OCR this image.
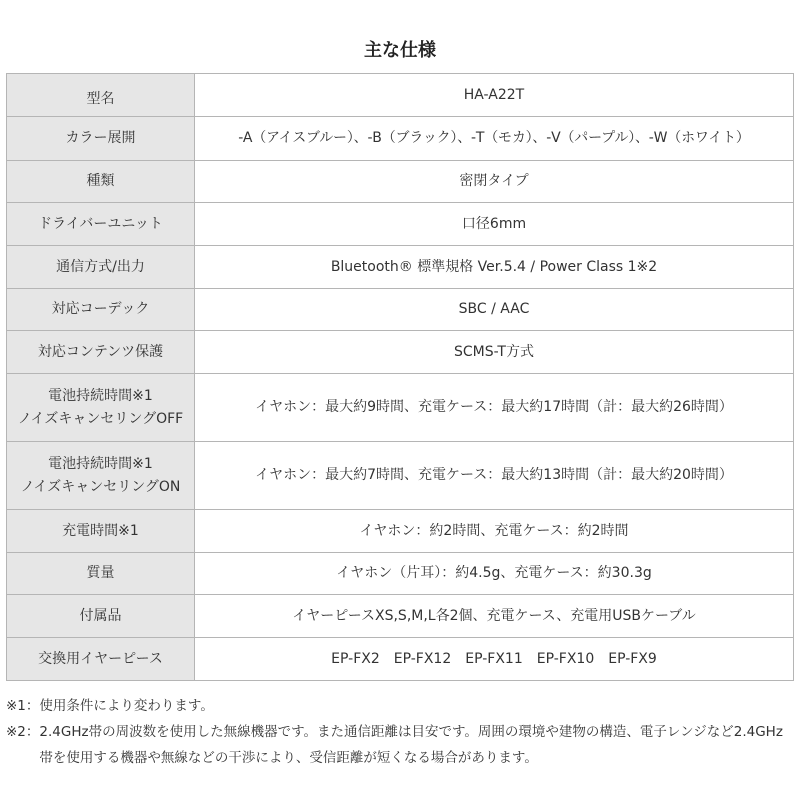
主な仕様
型名	HA-A22T
カラー展開	-A（アイスブルー）、-B（ブラック）、-T（モカ）、-V（パープル）、-W（ホワイト）
種類	密閉タイプ
ドライバーユニット	口径6mm
通信方式/出力	Bluetooth® 標準規格 Ver.5.4 / Power Class 1※2
対応コーデック	SBC / AAC
対応コンテンツ保護	SCMS-T方式

電池持続時間※1
ノイズキャンセリングOFF	イヤホン：最大約9時間、充電ケース：最大約17時間（計：最大約26時間）

電池持続時間※1
ノイズキャンセリングON	イヤホン：最大約7時間、充電ケース：最大約13時間（計：最大約20時間）
充電時間※1	イヤホン：約2時間、充電ケース：約2時間
質量	イヤホン（片耳）：約4.5g、充電ケース：約30.3g
付属品	イヤーピースXS,S,M,L各2個、充電ケース、充電用USBケーブル
交換用イヤーピース	EP-FX2　EP-FX12　EP-FX11　EP-FX10　EP-FX9
※1： 使用条件により変わります。
※2： 2.4GHz帯の周波数を使用した無線機器です。また通信距離は目安です。周囲の環境や建物の構造、電子レンジなど2.4GHz帯を使用する機器や無線などの干渉により、受信距離が短くなる場合があります。
